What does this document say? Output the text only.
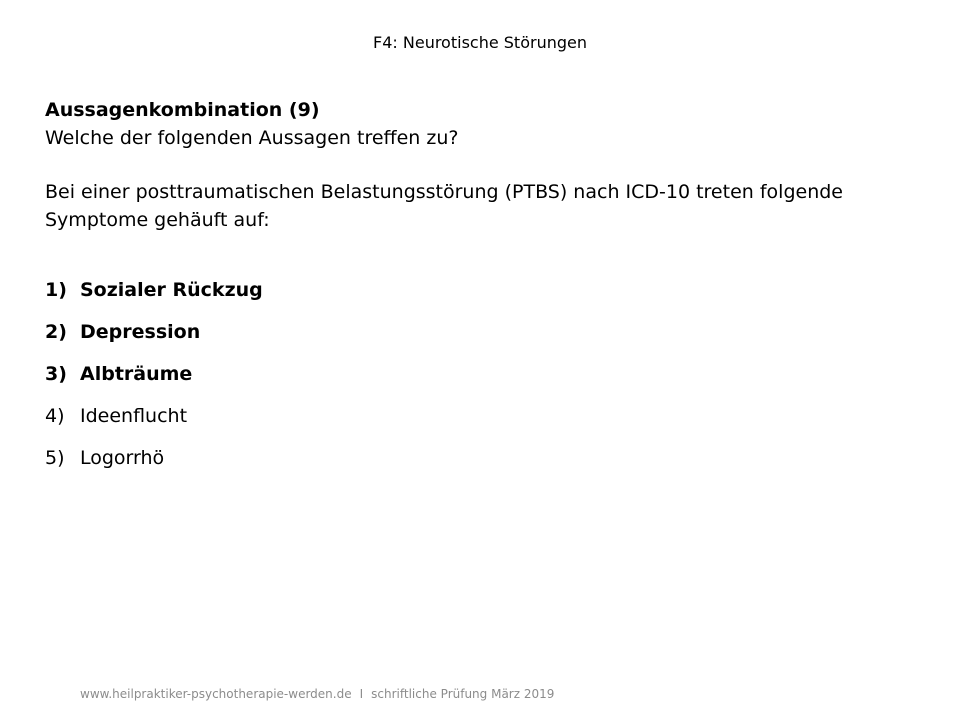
F4: Neurotische Störungen
Aussagenkombination (9)
Welche der folgenden Aussagen treffen zu?
Bei einer posttraumatischen Belastungsstörung (PTBS) nach ICD-10 treten folgende
Symptome gehäuft auf:
1) Sozialer Rückzug
2) Depression
3) Albträume
4) Ideenflucht
5) Logorrhö
www.heilpraktiker-psychotherapie-werden.de I schriftliche Prüfung März 2019
